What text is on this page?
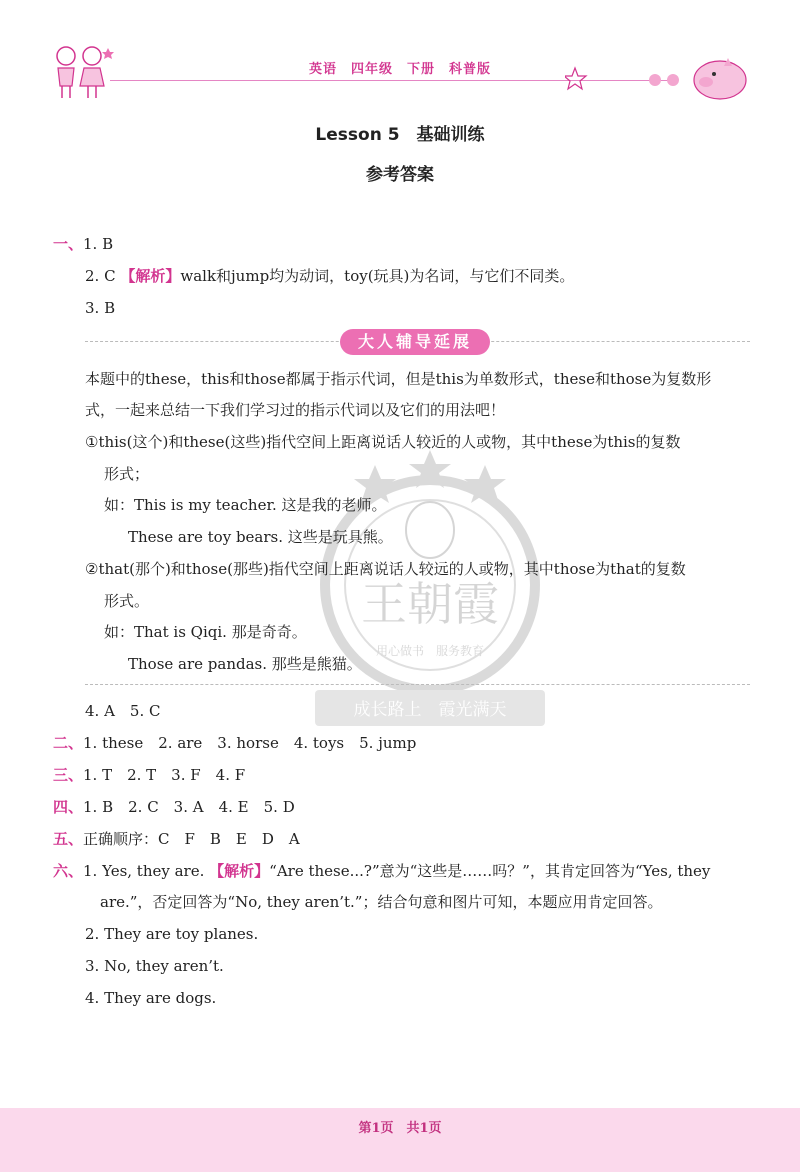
英语　四年级　下册　科普版
Lesson 5　基础训练
参考答案
一、1. B
2. C 【解析】walk和jump均为动词，toy(玩具)为名词，与它们不同类。
3. B
大人辅导延展
王朝霞
用心做书　服务教育
成长路上　霞光满天
本题中的these，this和those都属于指示代词，但是this为单数形式，these和those为复数形
式，一起来总结一下我们学习过的指示代词以及它们的用法吧！
①this(这个)和these(这些)指代空间上距离说话人较近的人或物，其中these为this的复数
形式；
如：This is my teacher. 这是我的老师。
These are toy bears. 这些是玩具熊。
②that(那个)和those(那些)指代空间上距离说话人较远的人或物，其中those为that的复数
形式。
如：That is Qiqi. 那是奇奇。
Those are pandas. 那些是熊猫。
4. A　5. C
二、1. these　2. are　3. horse　4. toys　5. jump
三、1. T　2. T　3. F　4. F
四、1. B　2. C　3. A　4. E　5. D
五、正确顺序：C　F　B　E　D　A
六、1. Yes, they are. 【解析】“Are these...?”意为“这些是……吗？”，其肯定回答为“Yes, they
are.”，否定回答为“No, they aren’t.”；结合句意和图片可知，本题应用肯定回答。
2. They are toy planes.
3. No, they aren’t.
4. They are dogs.
第1页　共1页
